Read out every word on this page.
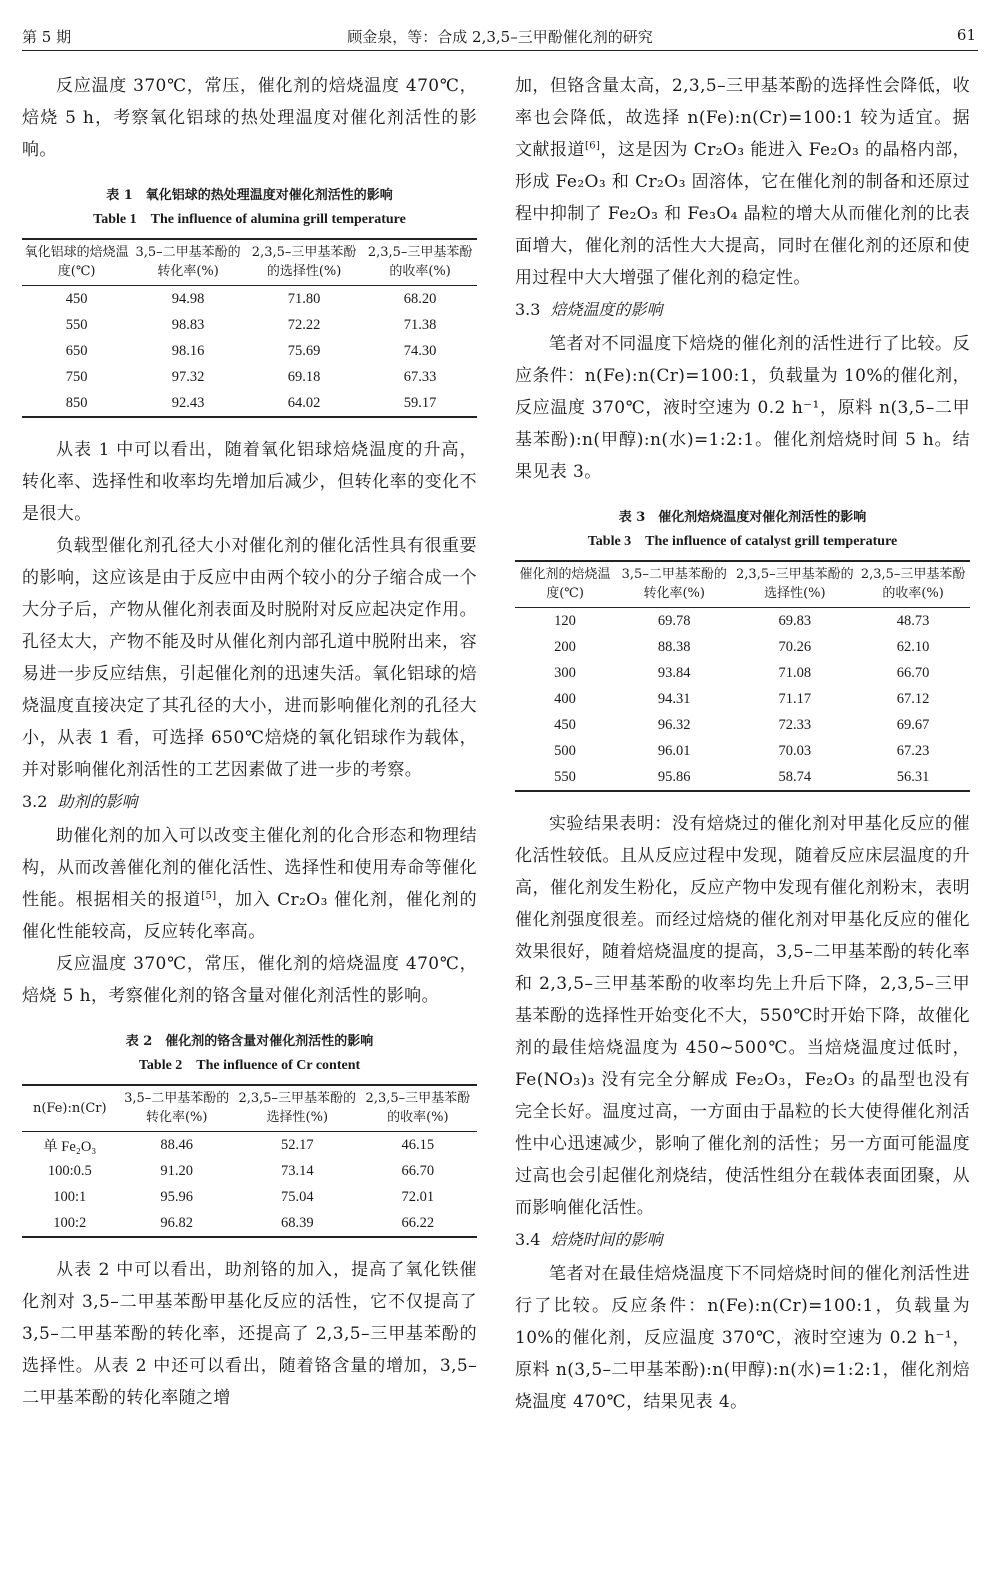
第 5 期	顾金泉，等：合成 2,3,5–三甲酚催化剂的研究	61

反应温度 370℃，常压，催化剂的焙烧温度 470℃，焙烧 5 h，考察氧化铝球的热处理温度对催化剂活性的影响。

表 1　氧化铝球的热处理温度对催化剂活性的影响
Table 1　The influence of alumina grill temperature
氧化铝球的焙烧温度(℃)	3,5–二甲基苯酚的转化率(%)	2,3,5–三甲基苯酚的选择性(%)	2,3,5–三甲基苯酚的收率(%)
450	94.98	71.80	68.20
550	98.83	72.22	71.38
650	98.16	75.69	74.30
750	97.32	69.18	67.33
850	92.43	64.02	59.17

从表 1 中可以看出，随着氧化铝球焙烧温度的升高，转化率、选择性和收率均先增加后减少，但转化率的变化不是很大。

负载型催化剂孔径大小对催化剂的催化活性具有很重要的影响，这应该是由于反应中由两个较小的分子缩合成一个大分子后，产物从催化剂表面及时脱附对反应起决定作用。孔径太大，产物不能及时从催化剂内部孔道中脱附出来，容易进一步反应结焦，引起催化剂的迅速失活。氧化铝球的焙烧温度直接决定了其孔径的大小，进而影响催化剂的孔径大小，从表 1 看，可选择 650℃焙烧的氧化铝球作为载体，并对影响催化剂活性的工艺因素做了进一步的考察。

3.2 助剂的影响

助催化剂的加入可以改变主催化剂的化合形态和物理结构，从而改善催化剂的催化活性、选择性和使用寿命等催化性能。根据相关的报道[5]，加入 Cr₂O₃ 催化剂，催化剂的催化性能较高，反应转化率高。

反应温度 370℃，常压，催化剂的焙烧温度 470℃，焙烧 5 h，考察催化剂的铬含量对催化剂活性的影响。

表 2　催化剂的铬含量对催化剂活性的影响
Table 2　The influence of Cr content
n(Fe):n(Cr)	3,5–二甲基苯酚的转化率(%)	2,3,5–三甲基苯酚的选择性(%)	2,3,5–三甲基苯酚的收率(%)
单 Fe₂O₃	88.46	52.17	46.15
100:0.5	91.20	73.14	66.70
100:1	95.96	75.04	72.01
100:2	96.82	68.39	66.22

从表 2 中可以看出，助剂铬的加入，提高了氧化铁催化剂对 3,5–二甲基苯酚甲基化反应的活性，它不仅提高了 3,5–二甲基苯酚的转化率，还提高了 2,3,5–三甲基苯酚的选择性。从表 2 中还可以看出，随着铬含量的增加，3,5–二甲基苯酚的转化率随之增

加，但铬含量太高，2,3,5–三甲基苯酚的选择性会降低，收率也会降低，故选择 n(Fe):n(Cr)=100:1 较为适宜。据文献报道[6]，这是因为 Cr₂O₃ 能进入 Fe₂O₃ 的晶格内部，形成 Fe₂O₃ 和 Cr₂O₃ 固溶体，它在催化剂的制备和还原过程中抑制了 Fe₂O₃ 和 Fe₃O₄ 晶粒的增大从而催化剂的比表面增大，催化剂的活性大大提高，同时在催化剂的还原和使用过程中大大增强了催化剂的稳定性。

3.3 焙烧温度的影响

笔者对不同温度下焙烧的催化剂的活性进行了比较。反应条件：n(Fe):n(Cr)=100:1，负载量为 10%的催化剂，反应温度 370℃，液时空速为 0.2 h⁻¹，原料 n(3,5–二甲基苯酚):n(甲醇):n(水)=1:2:1。催化剂焙烧时间 5 h。结果见表 3。

表 3　催化剂焙烧温度对催化剂活性的影响
Table 3　The influence of catalyst grill temperature
催化剂的焙烧温度(℃)	3,5–二甲基苯酚的转化率(%)	2,3,5–三甲基苯酚的选择性(%)	2,3,5–三甲基苯酚的收率(%)
120	69.78	69.83	48.73
200	88.38	70.26	62.10
300	93.84	71.08	66.70
400	94.31	71.17	67.12
450	96.32	72.33	69.67
500	96.01	70.03	67.23
550	95.86	58.74	56.31

实验结果表明：没有焙烧过的催化剂对甲基化反应的催化活性较低。且从反应过程中发现，随着反应床层温度的升高，催化剂发生粉化，反应产物中发现有催化剂粉末，表明催化剂强度很差。而经过焙烧的催化剂对甲基化反应的催化效果很好，随着焙烧温度的提高，3,5–二甲基苯酚的转化率和 2,3,5–三甲基苯酚的收率均先上升后下降，2,3,5–三甲基苯酚的选择性开始变化不大，550℃时开始下降，故催化剂的最佳焙烧温度为 450~500℃。当焙烧温度过低时，Fe(NO₃)₃ 没有完全分解成 Fe₂O₃，Fe₂O₃ 的晶型也没有完全长好。温度过高，一方面由于晶粒的长大使得催化剂活性中心迅速减少，影响了催化剂的活性；另一方面可能温度过高也会引起催化剂烧结，使活性组分在载体表面团聚，从而影响催化活性。

3.4 焙烧时间的影响

笔者对在最佳焙烧温度下不同焙烧时间的催化剂活性进行了比较。反应条件：n(Fe):n(Cr)=100:1，负载量为 10%的催化剂，反应温度 370℃，液时空速为 0.2 h⁻¹，原料 n(3,5–二甲基苯酚):n(甲醇):n(水)=1:2:1，催化剂焙烧温度 470℃，结果见表 4。
